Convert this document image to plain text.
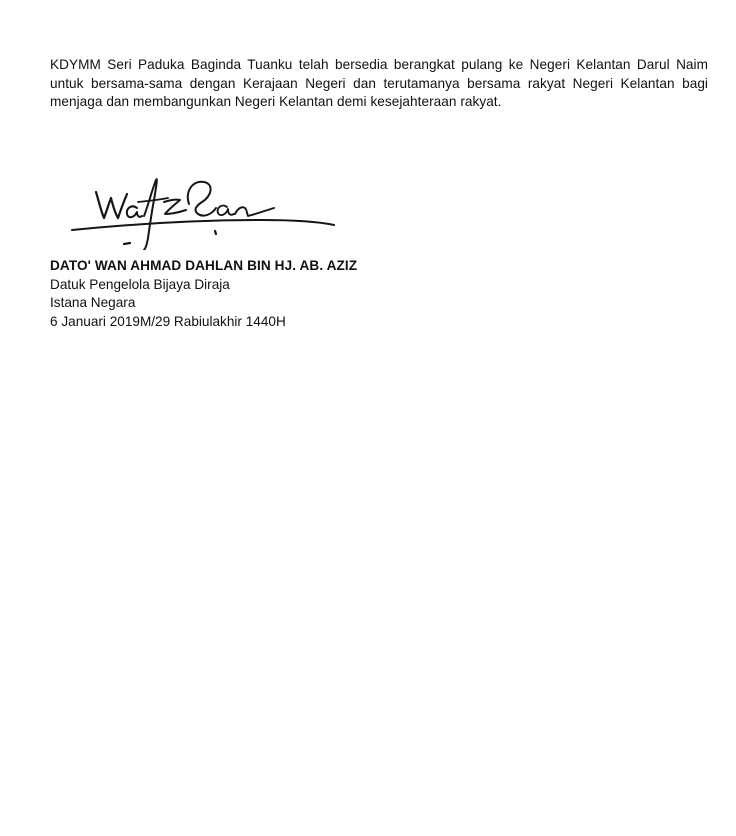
KDYMM Seri Paduka Baginda Tuanku telah bersedia berangkat pulang ke Negeri Kelantan Darul Naim untuk bersama-sama dengan Kerajaan Negeri dan terutamanya bersama rakyat Negeri Kelantan bagi menjaga dan membangunkan Negeri Kelantan demi kesejahteraan rakyat.

DATO' WAN AHMAD DAHLAN BIN HJ. AB. AZIZ
Datuk Pengelola Bijaya Diraja
Istana Negara
6 Januari 2019M/29 Rabiulakhir 1440H
